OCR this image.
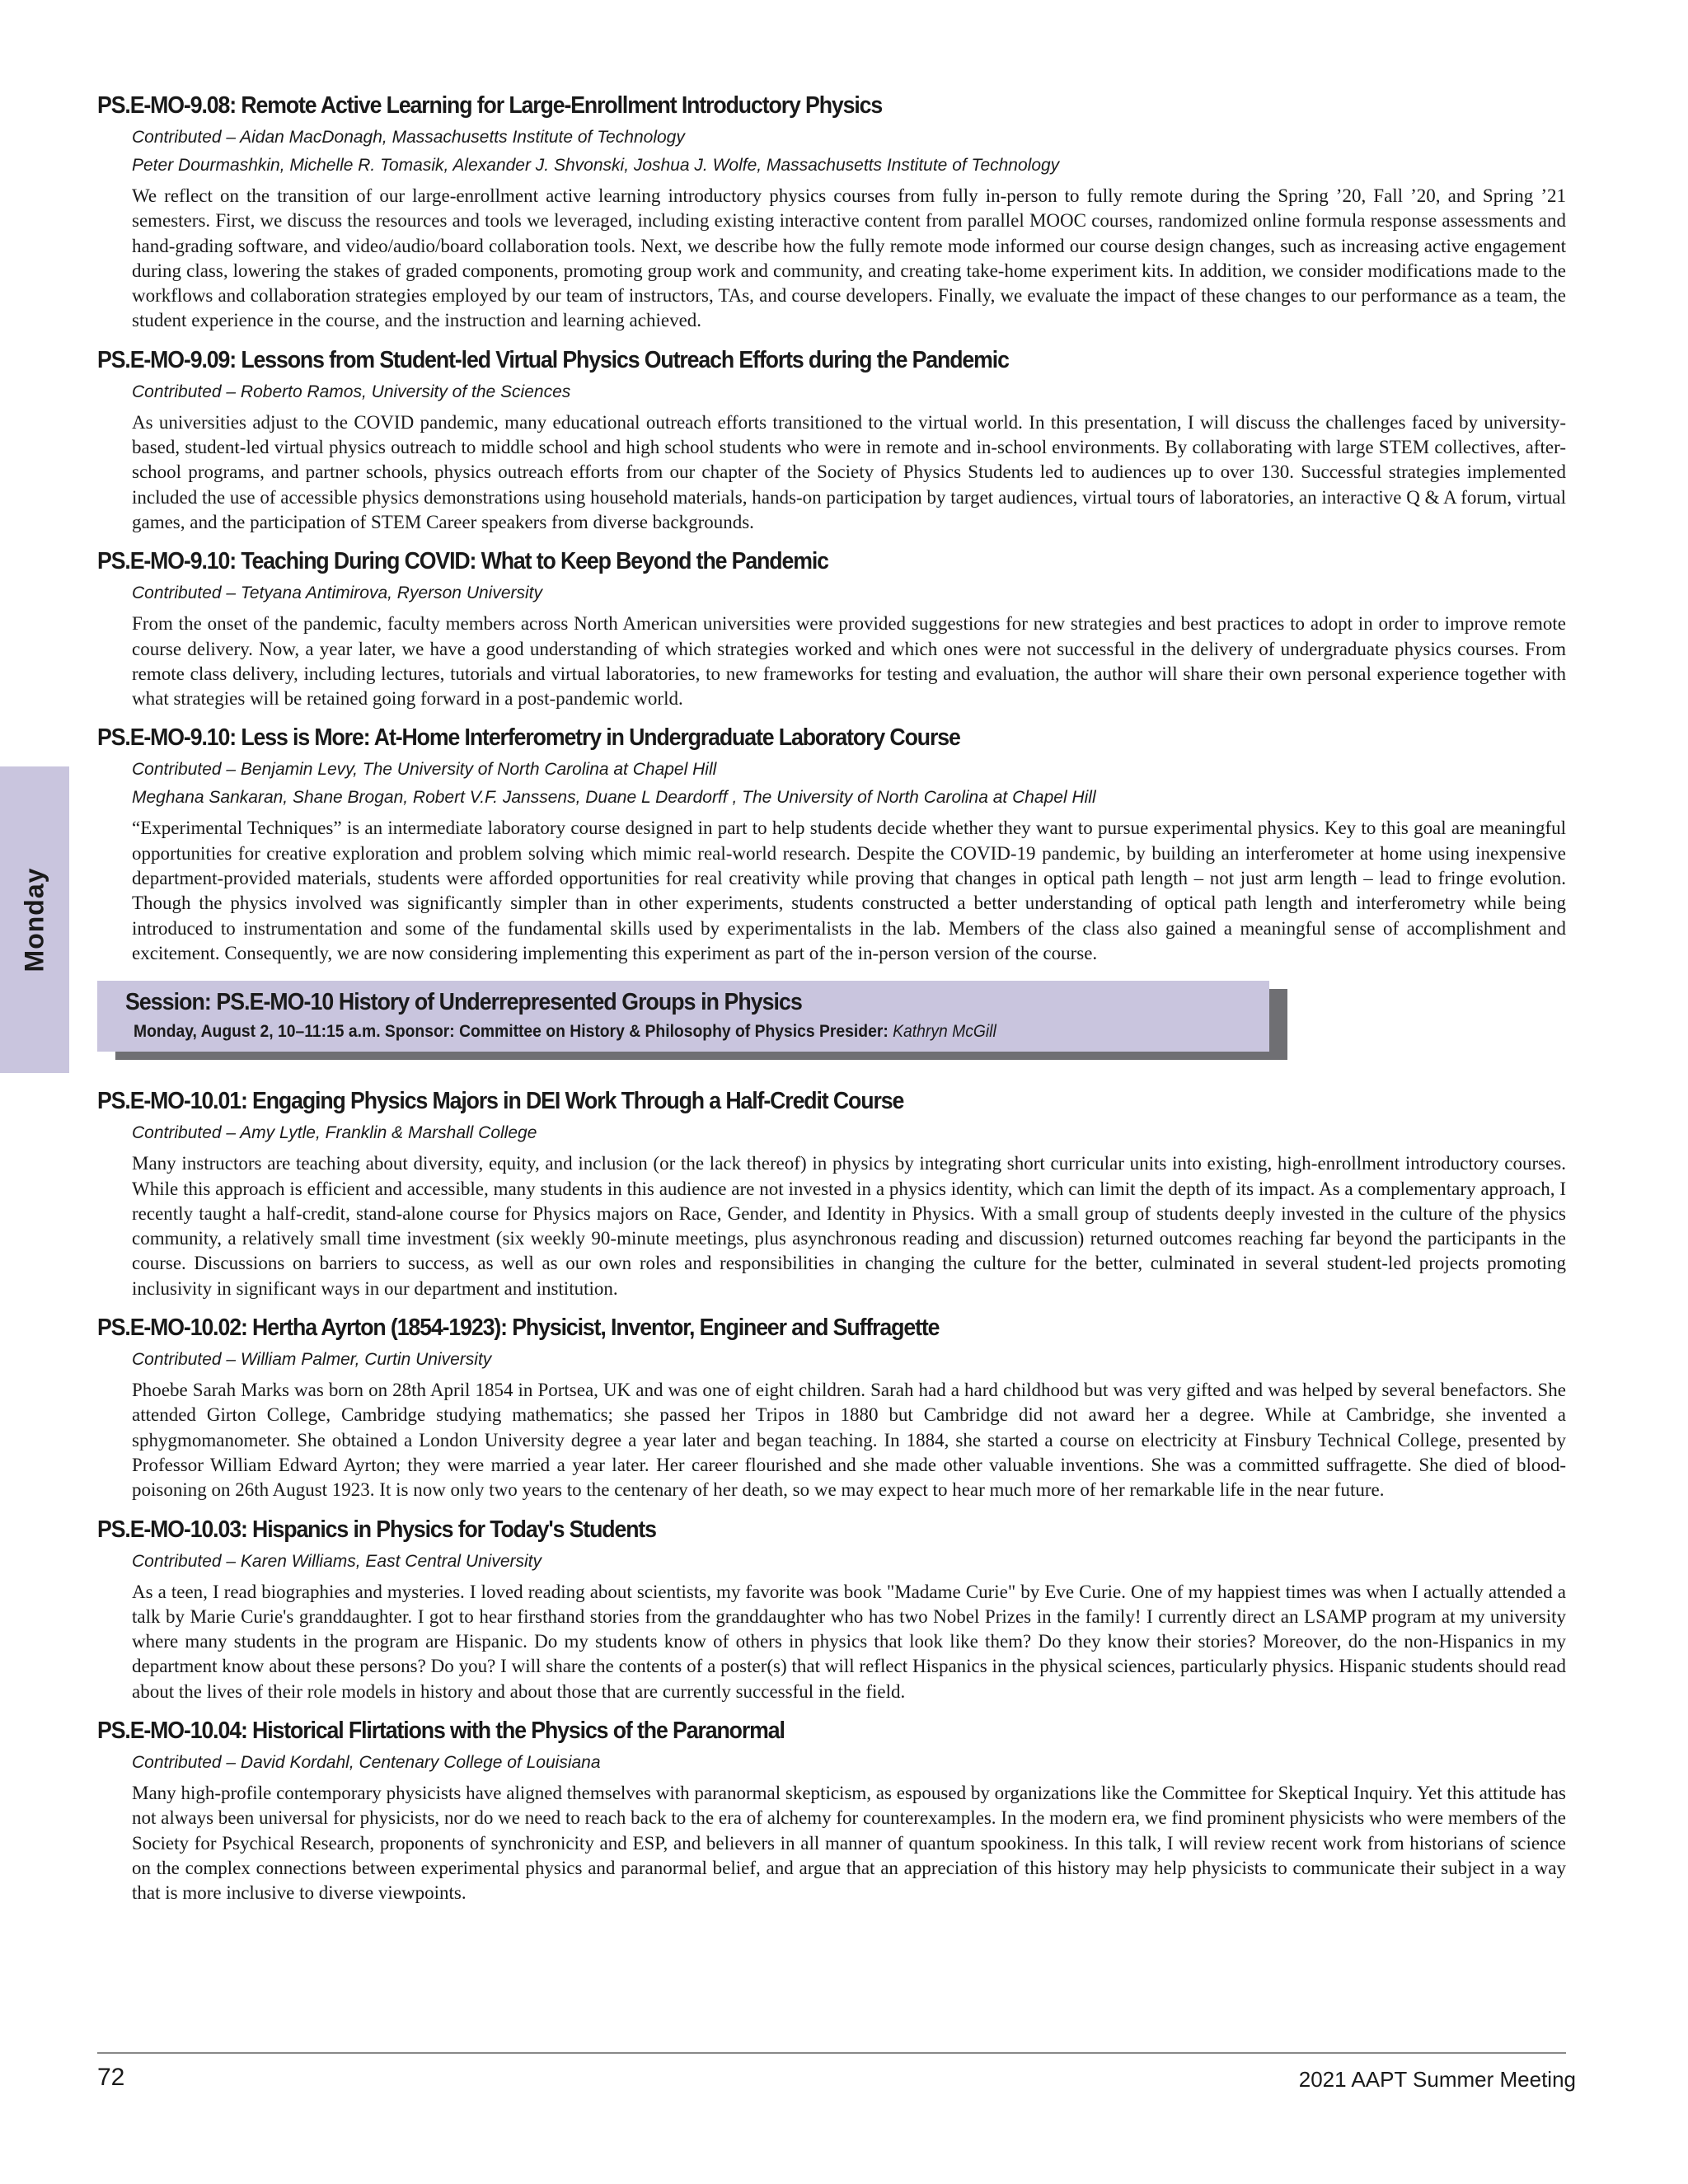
Monday
PS.E-MO-9.08: Remote Active Learning for Large-Enrollment Introductory Physics
Contributed – Aidan MacDonagh, Massachusetts Institute of Technology
Peter Dourmashkin, Michelle R. Tomasik, Alexander J. Shvonski, Joshua J. Wolfe, Massachusetts Institute of Technology
We reflect on the transition of our large-enrollment active learning introductory physics courses from fully in-person to fully remote during the Spring ’20, Fall ’20, and Spring ’21 semesters. First, we discuss the resources and tools we leveraged, including existing interactive content from parallel MOOC courses, randomized online formula response assessments and hand-grading software, and video/audio/board collaboration tools. Next, we describe how the fully remote mode informed our course design changes, such as increasing active engagement during class, lowering the stakes of graded components, promoting group work and community, and creating take-home experiment kits. In addition, we consider modifications made to the workflows and collaboration strategies employed by our team of instructors, TAs, and course developers. Finally, we evaluate the impact of these changes to our performance as a team, the student experience in the course, and the instruction and learning achieved.
PS.E-MO-9.09: Lessons from Student-led Virtual Physics Outreach Efforts during the Pandemic
Contributed – Roberto Ramos, University of the Sciences
As universities adjust to the COVID pandemic, many educational outreach efforts transitioned to the virtual world. In this presentation, I will discuss the challenges faced by university-based, student-led virtual physics outreach to middle school and high school students who were in remote and in-school environments. By collaborating with large STEM collectives, after-school programs, and partner schools, physics outreach efforts from our chapter of the Society of Physics Students led to audiences up to over 130. Successful strategies implemented included the use of accessible physics demonstrations using household materials, hands-on participation by target audiences, virtual tours of laboratories, an interactive Q & A forum, virtual games, and the participation of STEM Career speakers from diverse backgrounds.
PS.E-MO-9.10: Teaching During COVID: What to Keep Beyond the Pandemic
Contributed – Tetyana Antimirova, Ryerson University
From the onset of the pandemic, faculty members across North American universities were provided suggestions for new strategies and best practices to adopt in order to improve remote course delivery. Now, a year later, we have a good understanding of which strategies worked and which ones were not successful in the delivery of undergraduate physics courses. From remote class delivery, including lectures, tutorials and virtual laboratories, to new frameworks for testing and evaluation, the author will share their own personal experience together with what strategies will be retained going forward in a post-pandemic world.
PS.E-MO-9.10: Less is More: At-Home Interferometry in Undergraduate Laboratory Course
Contributed – Benjamin Levy, The University of North Carolina at Chapel Hill
Meghana Sankaran, Shane Brogan, Robert V.F. Janssens, Duane L Deardorff , The University of North Carolina at Chapel Hill
“Experimental Techniques” is an intermediate laboratory course designed in part to help students decide whether they want to pursue experimental physics. Key to this goal are meaningful opportunities for creative exploration and problem solving which mimic real-world research. Despite the COVID-19 pandemic, by building an interferometer at home using inexpensive department-provided materials, students were afforded opportunities for real creativity while proving that changes in optical path length – not just arm length – lead to fringe evolution. Though the physics involved was significantly simpler than in other experiments, students constructed a better understanding of optical path length and interferometry while being introduced to instrumentation and some of the fundamental skills used by experimentalists in the lab. Members of the class also gained a meaningful sense of accomplishment and excitement. Consequently, we are now considering implementing this experiment as part of the in-person version of the course.
Session: PS.E-MO-10 History of Underrepresented Groups in Physics
Monday, August 2, 10–11:15 a.m. Sponsor: Committee on History & Philosophy of Physics Presider: Kathryn McGill
PS.E-MO-10.01: Engaging Physics Majors in DEI Work Through a Half-Credit Course
Contributed – Amy Lytle, Franklin & Marshall College
Many instructors are teaching about diversity, equity, and inclusion (or the lack thereof) in physics by integrating short curricular units into existing, high-enrollment introductory courses. While this approach is efficient and accessible, many students in this audience are not invested in a physics identity, which can limit the depth of its impact. As a complementary approach, I recently taught a half-credit, stand-alone course for Physics majors on Race, Gender, and Identity in Physics. With a small group of students deeply invested in the culture of the physics community, a relatively small time investment (six weekly 90-minute meetings, plus asynchronous reading and discussion) returned outcomes reaching far beyond the participants in the course. Discussions on barriers to success, as well as our own roles and responsibilities in changing the culture for the better, culminated in several student-led projects promoting inclusivity in significant ways in our department and institution.
PS.E-MO-10.02: Hertha Ayrton (1854-1923): Physicist, Inventor, Engineer and Suffragette
Contributed – William Palmer, Curtin University
Phoebe Sarah Marks was born on 28th April 1854 in Portsea, UK and was one of eight children. Sarah had a hard childhood but was very gifted and was helped by several benefactors. She attended Girton College, Cambridge studying mathematics; she passed her Tripos in 1880 but Cambridge did not award her a degree. While at Cambridge, she invented a sphygmomanometer. She obtained a London University degree a year later and began teaching. In 1884, she started a course on electricity at Finsbury Technical College, presented by Professor William Edward Ayrton; they were married a year later. Her career flourished and she made other valuable inventions. She was a committed suffragette. She died of blood-poisoning on 26th August 1923. It is now only two years to the centenary of her death, so we may expect to hear much more of her remarkable life in the near future.
PS.E-MO-10.03: Hispanics in Physics for Today's Students
Contributed – Karen Williams, East Central University
As a teen, I read biographies and mysteries. I loved reading about scientists, my favorite was book "Madame Curie" by Eve Curie. One of my happiest times was when I actually attended a talk by Marie Curie's granddaughter. I got to hear firsthand stories from the granddaughter who has two Nobel Prizes in the family! I currently direct an LSAMP program at my university where many students in the program are Hispanic. Do my students know of others in physics that look like them? Do they know their stories? Moreover, do the non-Hispanics in my department know about these persons? Do you? I will share the contents of a poster(s) that will reflect Hispanics in the physical sciences, particularly physics. Hispanic students should read about the lives of their role models in history and about those that are currently successful in the field.
PS.E-MO-10.04: Historical Flirtations with the Physics of the Paranormal
Contributed – David Kordahl, Centenary College of Louisiana
Many high-profile contemporary physicists have aligned themselves with paranormal skepticism, as espoused by organizations like the Committee for Skeptical Inquiry. Yet this attitude has not always been universal for physicists, nor do we need to reach back to the era of alchemy for counterexamples. In the modern era, we find prominent physicists who were members of the Society for Psychical Research, proponents of synchronicity and ESP, and believers in all manner of quantum spookiness. In this talk, I will review recent work from historians of science on the complex connections between experimental physics and paranormal belief, and argue that an appreciation of this history may help physicists to communicate their subject in a way that is more inclusive to diverse viewpoints.
72	2021 AAPT Summer Meeting
